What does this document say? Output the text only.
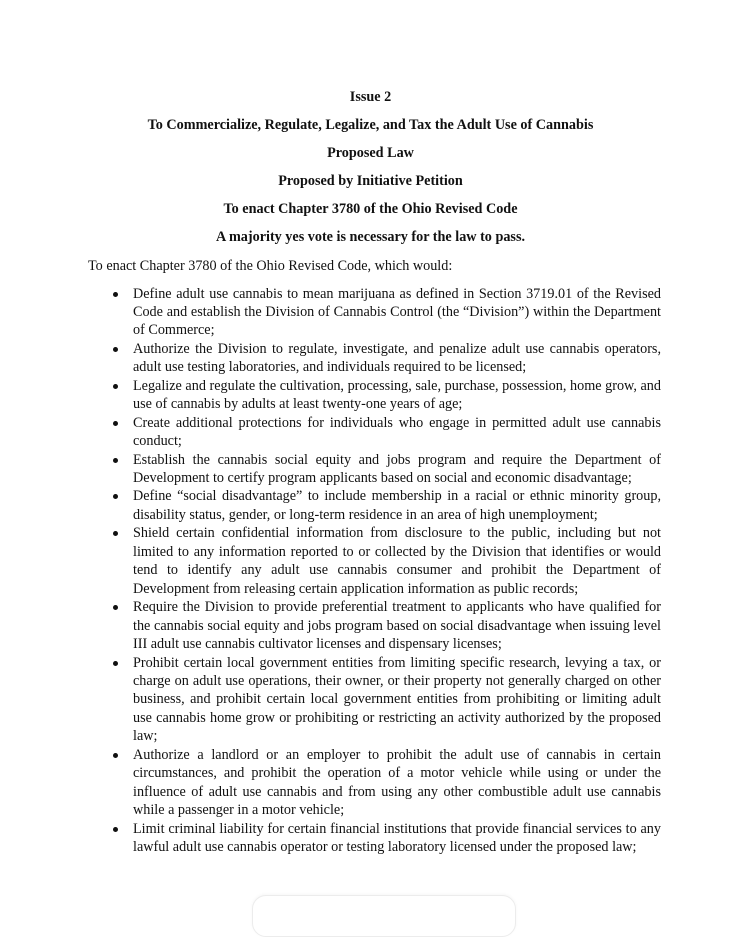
Issue 2
To Commercialize, Regulate, Legalize, and Tax the Adult Use of Cannabis
Proposed Law
Proposed by Initiative Petition
To enact Chapter 3780 of the Ohio Revised Code
A majority yes vote is necessary for the law to pass.

To enact Chapter 3780 of the Ohio Revised Code, which would:

Define adult use cannabis to mean marijuana as defined in Section 3719.01 of the Revised Code and establish the Division of Cannabis Control (the “Division”) within the Department of Commerce;
Authorize the Division to regulate, investigate, and penalize adult use cannabis operators, adult use testing laboratories, and individuals required to be licensed;
Legalize and regulate the cultivation, processing, sale, purchase, possession, home grow, and use of cannabis by adults at least twenty-one years of age;
Create additional protections for individuals who engage in permitted adult use cannabis conduct;
Establish the cannabis social equity and jobs program and require the Department of Development to certify program applicants based on social and economic disadvantage;
Define “social disadvantage” to include membership in a racial or ethnic minority group, disability status, gender, or long-term residence in an area of high unemployment;
Shield certain confidential information from disclosure to the public, including but not limited to any information reported to or collected by the Division that identifies or would tend to identify any adult use cannabis consumer and prohibit the Department of Development from releasing certain application information as public records;
Require the Division to provide preferential treatment to applicants who have qualified for the cannabis social equity and jobs program based on social disadvantage when issuing level III adult use cannabis cultivator licenses and dispensary licenses;
Prohibit certain local government entities from limiting specific research, levying a tax, or charge on adult use operations, their owner, or their property not generally charged on other business, and prohibit certain local government entities from prohibiting or limiting adult use cannabis home grow or prohibiting or restricting an activity authorized by the proposed law;
Authorize a landlord or an employer to prohibit the adult use of cannabis in certain circumstances, and prohibit the operation of a motor vehicle while using or under the influence of adult use cannabis and from using any other combustible adult use cannabis while a passenger in a motor vehicle;
Limit criminal liability for certain financial institutions that provide financial services to any lawful adult use cannabis operator or testing laboratory licensed under the proposed law;
